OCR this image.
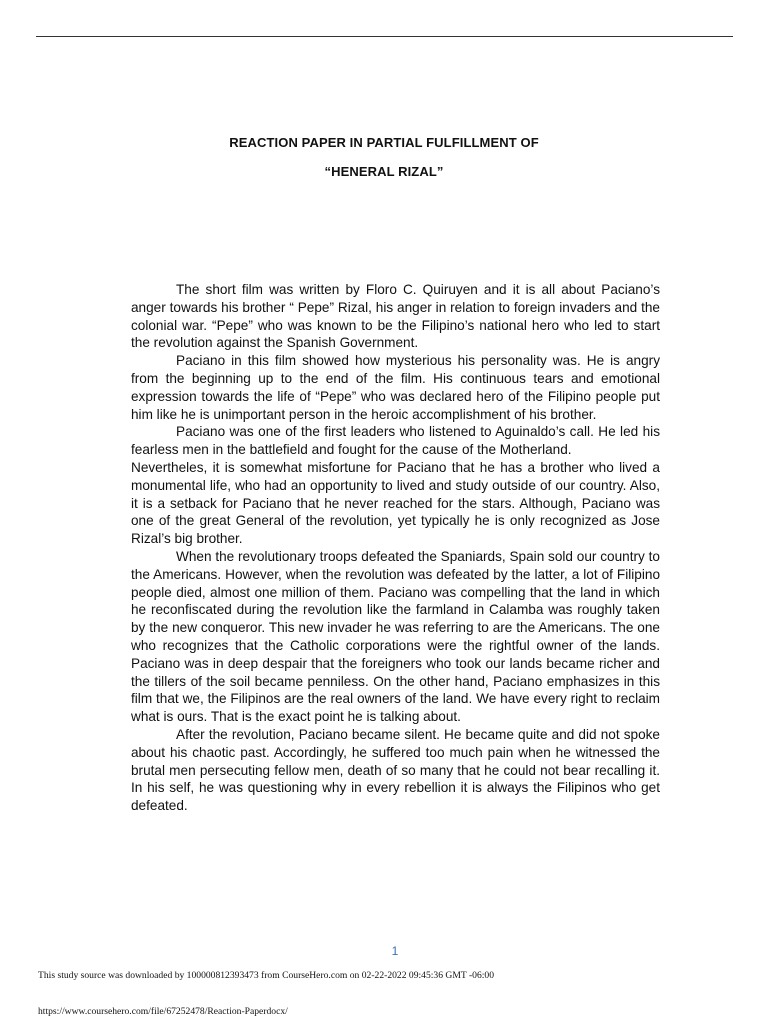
REACTION PAPER IN PARTIAL FULFILLMENT OF
“HENERAL RIZAL”

The short film was written by Floro C. Quiruyen and it is all about Paciano’s anger towards his brother “ Pepe” Rizal, his anger in relation to foreign invaders and the colonial war. “Pepe” who was known to be the Filipino’s national hero who led to start the revolution against the Spanish Government.

Paciano in this film showed how mysterious his personality was. He is angry from the beginning up to the end of the film. His continuous tears and emotional expression towards the life of “Pepe” who was declared hero of the Filipino people put him like he is unimportant person in the heroic accomplishment of his brother.

Paciano was one of the first leaders who listened to Aguinaldo’s call. He led his fearless men in the battlefield and fought for the cause of the Motherland.

Nevertheles, it is somewhat misfortune for Paciano that he has a brother who lived a monumental life, who had an opportunity to lived and study outside of our country. Also, it is a setback for Paciano that he never reached for the stars. Although, Paciano was one of the great General of the revolution, yet typically he is only recognized as Jose Rizal’s big brother.

When the revolutionary troops defeated the Spaniards, Spain sold our country to the Americans. However, when the revolution was defeated by the latter, a lot of Filipino people died, almost one million of them. Paciano was compelling that the land in which he reconfiscated during the revolution like the farmland in Calamba was roughly taken by the new conqueror. This new invader he was referring to are the Americans. The one who recognizes that the Catholic corporations were the rightful owner of the lands. Paciano was in deep despair that the foreigners who took our lands became richer and the tillers of the soil became penniless. On the other hand, Paciano emphasizes in this film that we, the Filipinos are the real owners of the land. We have every right to reclaim what is ours. That is the exact point he is talking about.

After the revolution, Paciano became silent. He became quite and did not spoke about his chaotic past. Accordingly, he suffered too much pain when he witnessed the brutal men persecuting fellow men, death of so many that he could not bear recalling it. In his self, he was questioning why in every rebellion it is always the Filipinos who get defeated.

1
This study source was downloaded by 100000812393473 from CourseHero.com on 02-22-2022 09:45:36 GMT -06:00
https://www.coursehero.com/file/67252478/Reaction-Paperdocx/
